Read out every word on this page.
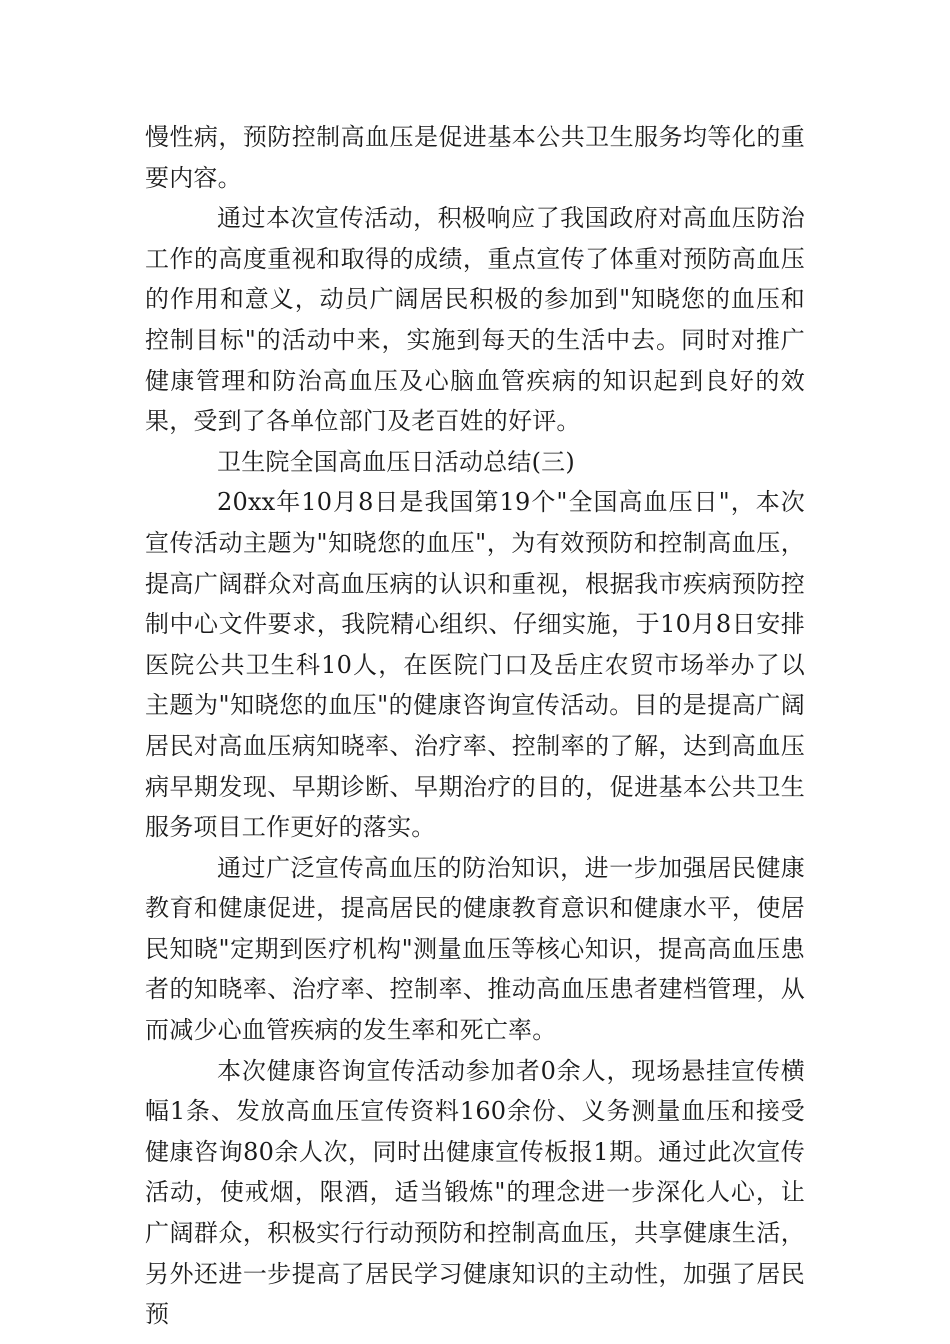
慢性病，预防控制高血压是促进基本公共卫生服务均等化的重要内容。

通过本次宣传活动，积极响应了我国政府对高血压防治工作的高度重视和取得的成绩，重点宣传了体重对预防高血压的作用和意义，动员广阔居民积极的参加到"知晓您的血压和控制目标"的活动中来，实施到每天的生活中去。同时对推广健康管理和防治高血压及心脑血管疾病的知识起到良好的效果，受到了各单位部门及老百姓的好评。

卫生院全国高血压日活动总结(三)

20xx年10月8日是我国第19个"全国高血压日"，本次宣传活动主题为"知晓您的血压"，为有效预防和控制高血压，提高广阔群众对高血压病的认识和重视，根据我市疾病预防控制中心文件要求，我院精心组织、仔细实施，于10月8日安排医院公共卫生科10人，在医院门口及岳庄农贸市场举办了以主题为"知晓您的血压"的健康咨询宣传活动。目的是提高广阔居民对高血压病知晓率、治疗率、控制率的了解，达到高血压病早期发现、早期诊断、早期治疗的目的，促进基本公共卫生服务项目工作更好的落实。

通过广泛宣传高血压的防治知识，进一步加强居民健康教育和健康促进，提高居民的健康教育意识和健康水平，使居民知晓"定期到医疗机构"测量血压等核心知识，提高高血压患者的知晓率、治疗率、控制率、推动高血压患者建档管理，从而减少心血管疾病的发生率和死亡率。

本次健康咨询宣传活动参加者0余人，现场悬挂宣传横幅1条、发放高血压宣传资料160余份、义务测量血压和接受健康咨询80余人次，同时出健康宣传板报1期。通过此次宣传活动，使戒烟，限酒，适当锻炼"的理念进一步深化人心，让广阔群众，积极实行行动预防和控制高血压，共享健康生活，另外还进一步提高了居民学习健康知识的主动性，加强了居民预
